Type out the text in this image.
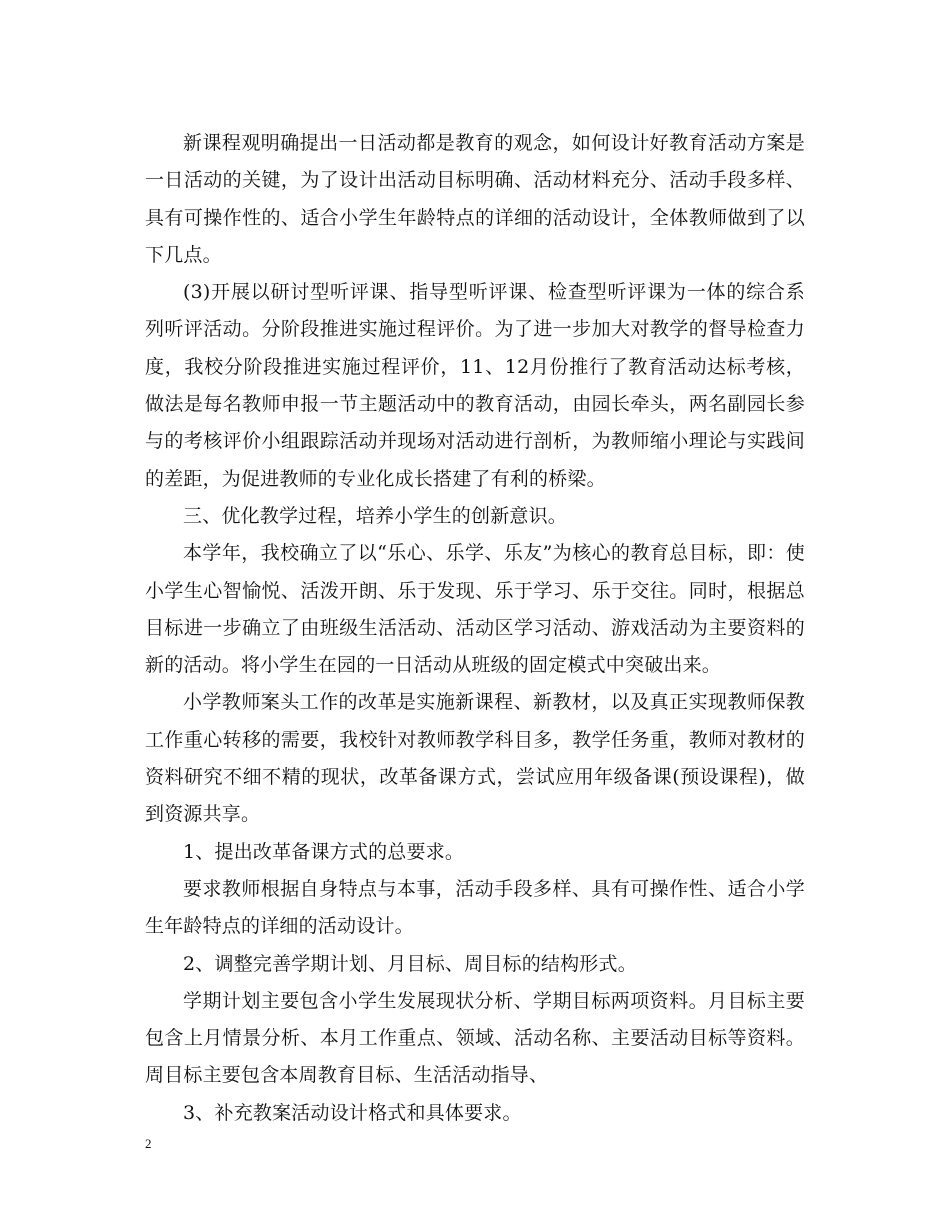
新课程观明确提出一日活动都是教育的观念，如何设计好教育活动方案是一日活动的关键，为了设计出活动目标明确、活动材料充分、活动手段多样、具有可操作性的、适合小学生年龄特点的详细的活动设计，全体教师做到了以下几点。

(3)开展以研讨型听评课、指导型听评课、检查型听评课为一体的综合系列听评活动。分阶段推进实施过程评价。为了进一步加大对教学的督导检查力度，我校分阶段推进实施过程评价，11、12月份推行了教育活动达标考核，做法是每名教师申报一节主题活动中的教育活动，由园长牵头，两名副园长参与的考核评价小组跟踪活动并现场对活动进行剖析，为教师缩小理论与实践间的差距，为促进教师的专业化成长搭建了有利的桥梁。

三、优化教学过程，培养小学生的创新意识。

本学年，我校确立了以“乐心、乐学、乐友”为核心的教育总目标，即：使小学生心智愉悦、活泼开朗、乐于发现、乐于学习、乐于交往。同时，根据总目标进一步确立了由班级生活活动、活动区学习活动、游戏活动为主要资料的新的活动。将小学生在园的一日活动从班级的固定模式中突破出来。

小学教师案头工作的改革是实施新课程、新教材，以及真正实现教师保教工作重心转移的需要，我校针对教师教学科目多，教学任务重，教师对教材的资料研究不细不精的现状，改革备课方式，尝试应用年级备课(预设课程)，做到资源共享。

1、提出改革备课方式的总要求。

要求教师根据自身特点与本事，活动手段多样、具有可操作性、适合小学生年龄特点的详细的活动设计。

2、调整完善学期计划、月目标、周目标的结构形式。

学期计划主要包含小学生发展现状分析、学期目标两项资料。月目标主要包含上月情景分析、本月工作重点、领域、活动名称、主要活动目标等资料。周目标主要包含本周教育目标、生活活动指导、

3、补充教案活动设计格式和具体要求。

2
